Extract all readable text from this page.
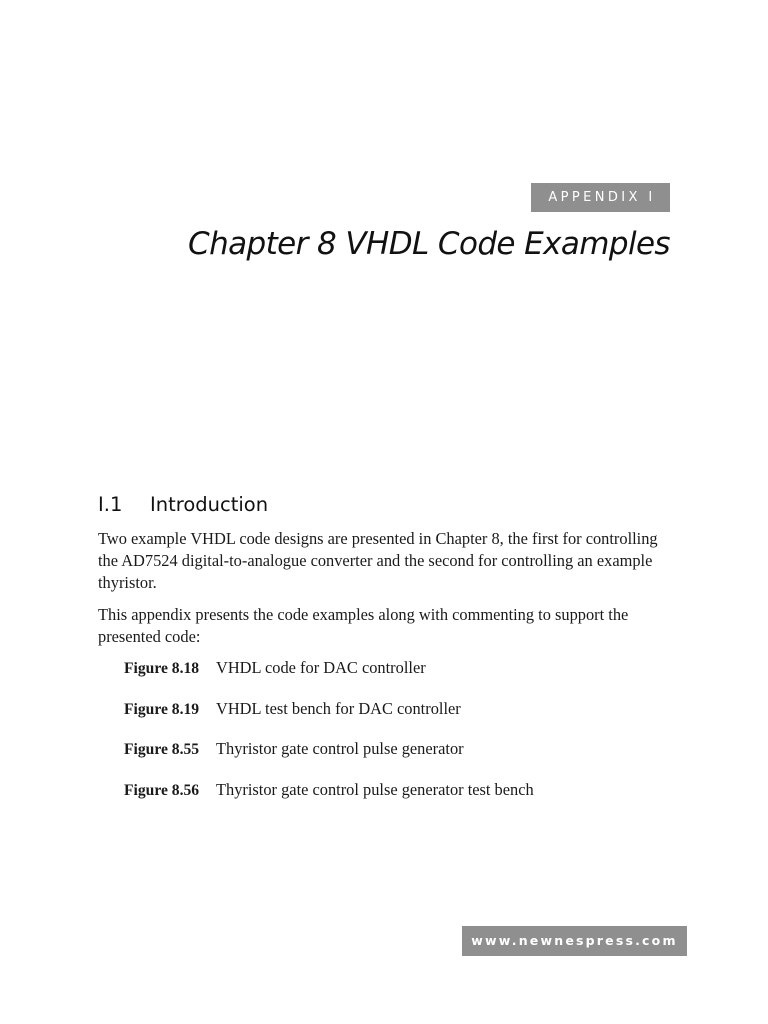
APPENDIX I
Chapter 8 VHDL Code Examples
I.1 Introduction

Two example VHDL code designs are presented in Chapter 8, the first for controlling the AD7524 digital-to-analogue converter and the second for controlling an example thyristor.

This appendix presents the code examples along with commenting to support the presented code:

Figure 8.18 VHDL code for DAC controller
Figure 8.19 VHDL test bench for DAC controller
Figure 8.55 Thyristor gate control pulse generator
Figure 8.56 Thyristor gate control pulse generator test bench
www.newnespress.com
